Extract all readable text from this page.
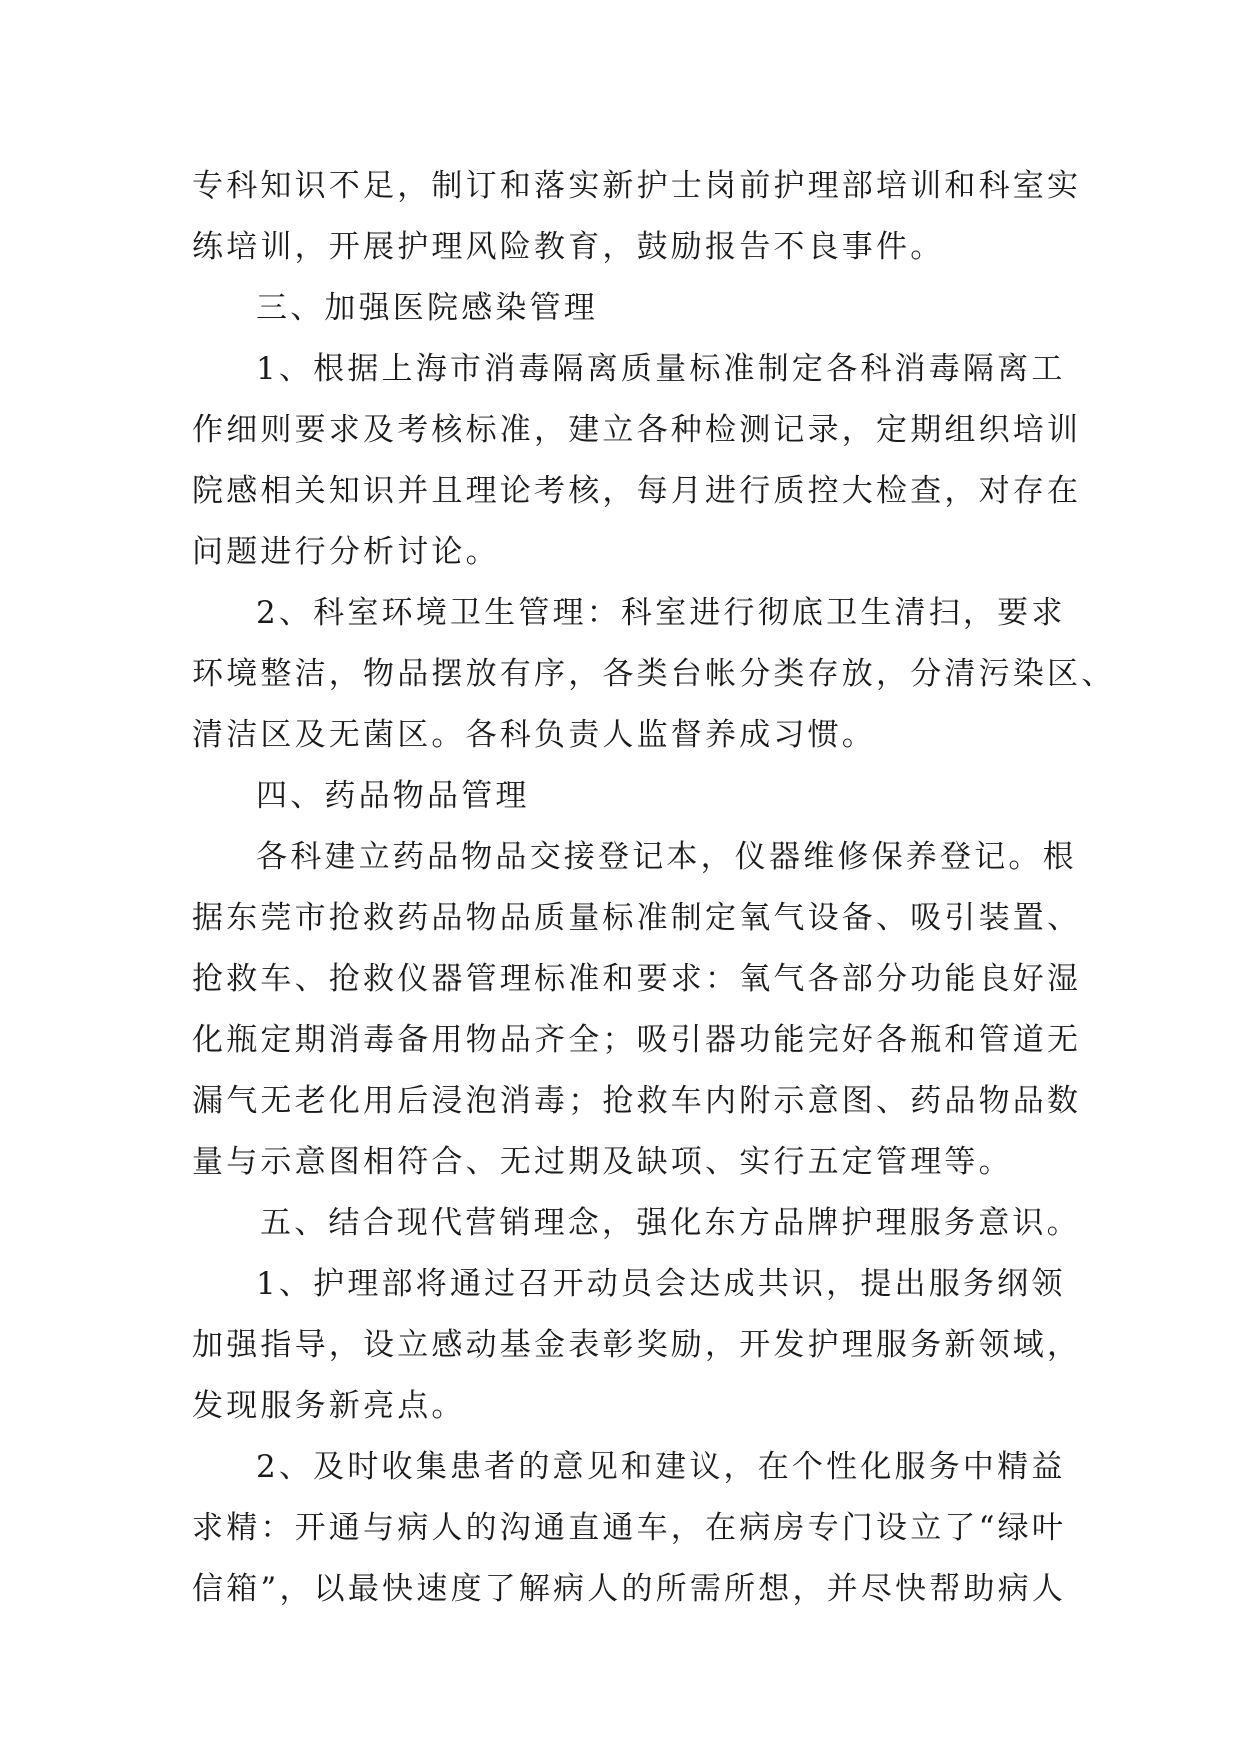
专科知识不足，制订和落实新护士岗前护理部培训和科室实
练培训，开展护理风险教育，鼓励报告不良事件。
三、加强医院感染管理
1、根据上海市消毒隔离质量标准制定各科消毒隔离工
作细则要求及考核标准，建立各种检测记录，定期组织培训
院感相关知识并且理论考核，每月进行质控大检查，对存在
问题进行分析讨论。
2、科室环境卫生管理：科室进行彻底卫生清扫，要求
环境整洁，物品摆放有序，各类台帐分类存放，分清污染区、
清洁区及无菌区。各科负责人监督养成习惯。
四、药品物品管理
各科建立药品物品交接登记本，仪器维修保养登记。根
据东莞市抢救药品物品质量标准制定氧气设备、吸引装置、
抢救车、抢救仪器管理标准和要求：氧气各部分功能良好湿
化瓶定期消毒备用物品齐全；吸引器功能完好各瓶和管道无
漏气无老化用后浸泡消毒；抢救车内附示意图、药品物品数
量与示意图相符合、无过期及缺项、实行五定管理等。
五、结合现代营销理念，强化东方品牌护理服务意识。
1、护理部将通过召开动员会达成共识，提出服务纲领
加强指导，设立感动基金表彰奖励，开发护理服务新领域，
发现服务新亮点。
2、及时收集患者的意见和建议，在个性化服务中精益
求精：开通与病人的沟通直通车，在病房专门设立了“绿叶
信箱”，以最快速度了解病人的所需所想，并尽快帮助病人
